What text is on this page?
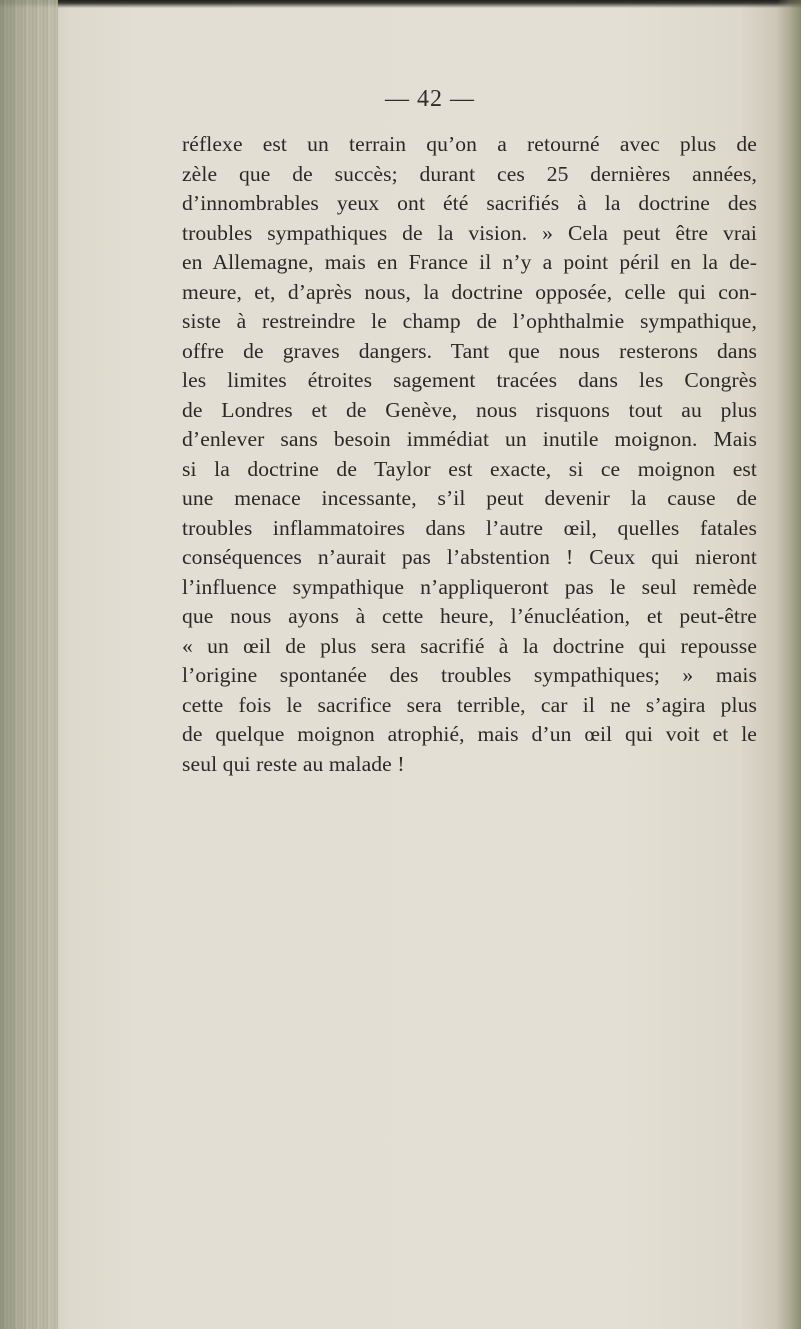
— 42 —
réflexe est un terrain qu’on a retourné avec plus de
zèle que de succès; durant ces 25 dernières années,
d’innombrables yeux ont été sacrifiés à la doctrine des
troubles sympathiques de la vision. » Cela peut être vrai
en Allemagne, mais en France il n’y a point péril en la de-
meure, et, d’après nous, la doctrine opposée, celle qui con-
siste à restreindre le champ de l’ophthalmie sympathique,
offre de graves dangers. Tant que nous resterons dans
les limites étroites sagement tracées dans les Congrès
de Londres et de Genève, nous risquons tout au plus
d’enlever sans besoin immédiat un inutile moignon. Mais
si la doctrine de Taylor est exacte, si ce moignon est
une menace incessante, s’il peut devenir la cause de
troubles inflammatoires dans l’autre œil, quelles fatales
conséquences n’aurait pas l’abstention ! Ceux qui nieront
l’influence sympathique n’appliqueront pas le seul remède
que nous ayons à cette heure, l’énucléation, et peut-être
« un œil de plus sera sacrifié à la doctrine qui repousse
l’origine spontanée des troubles sympathiques; » mais
cette fois le sacrifice sera terrible, car il ne s’agira plus
de quelque moignon atrophié, mais d’un œil qui voit et le
seul qui reste au malade !
